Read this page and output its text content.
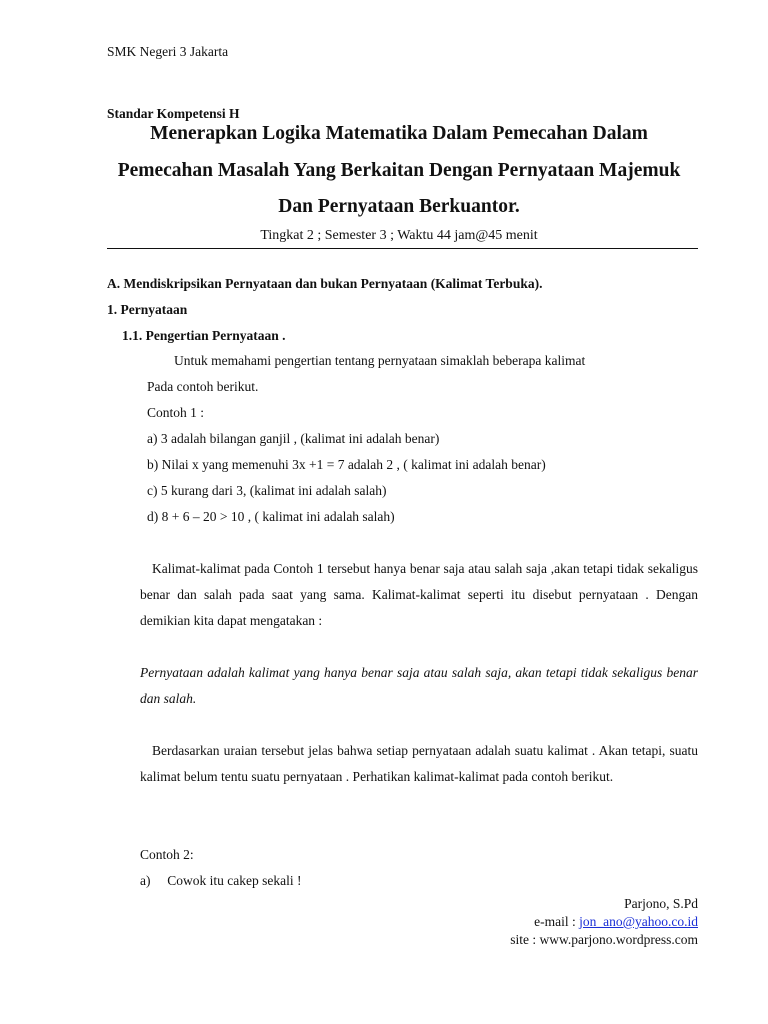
SMK Negeri 3 Jakarta
Standar Kompetensi H
Menerapkan Logika Matematika Dalam Pemecahan Dalam
Pemecahan Masalah Yang Berkaitan Dengan Pernyataan Majemuk
Dan Pernyataan Berkuantor.
Tingkat 2 ; Semester 3 ; Waktu 44 jam@45 menit
A. Mendiskripsikan Pernyataan dan bukan Pernyataan (Kalimat Terbuka).
1. Pernyataan
1.1. Pengertian Pernyataan .
Untuk memahami pengertian tentang pernyataan simaklah beberapa kalimat
Pada contoh berikut.
Contoh 1 :
a) 3 adalah bilangan ganjil , (kalimat ini adalah benar)
b) Nilai x yang memenuhi 3x +1 = 7 adalah 2 , ( kalimat ini adalah benar)
c) 5 kurang dari 3, (kalimat ini adalah salah)
d) 8 + 6 – 20 > 10 , ( kalimat ini adalah salah)
Kalimat-kalimat pada Contoh 1 tersebut hanya benar saja atau salah saja ,akan tetapi tidak sekaligus benar dan salah pada saat yang sama. Kalimat-kalimat seperti itu disebut pernyataan . Dengan demikian kita dapat mengatakan :
Pernyataan adalah kalimat yang hanya benar saja atau salah saja, akan tetapi tidak sekaligus benar dan salah.
Berdasarkan uraian tersebut jelas bahwa setiap pernyataan adalah suatu kalimat . Akan tetapi, suatu kalimat belum tentu suatu pernyataan . Perhatikan kalimat-kalimat pada contoh berikut.
Contoh 2:
a) Cowok itu cakep sekali !
Parjono, S.Pd
e-mail : jon_ano@yahoo.co.id
site : www.parjono.wordpress.com
